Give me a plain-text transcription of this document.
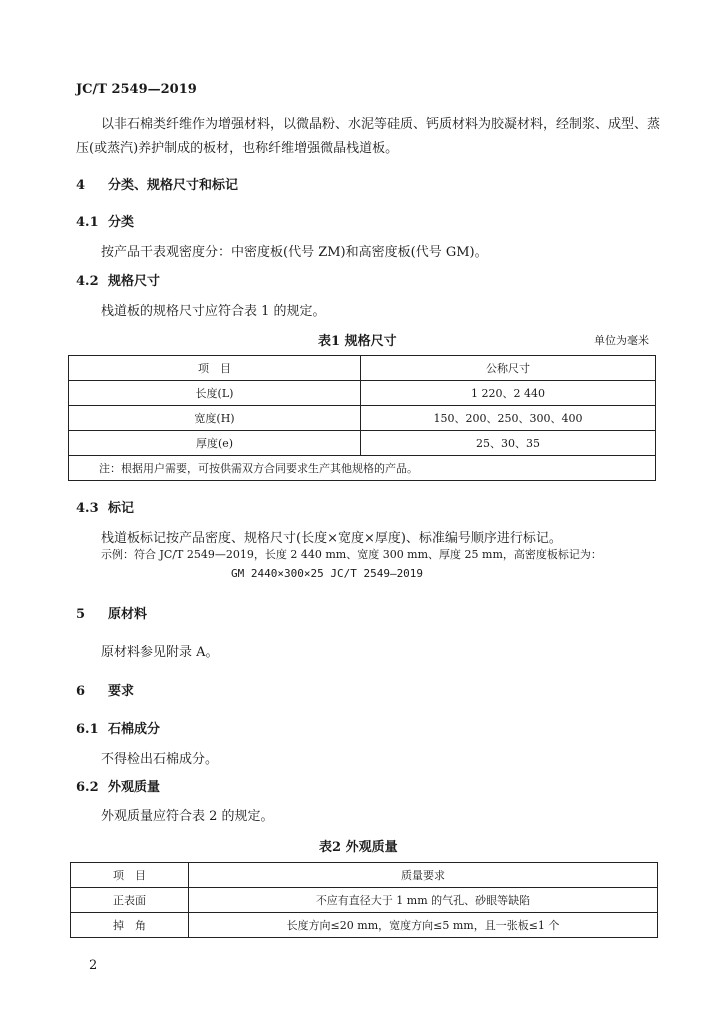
JC/T 2549—2019
以非石棉类纤维作为增强材料，以微晶粉、水泥等硅质、钙质材料为胶凝材料，经制浆、成型、蒸
压(或蒸汽)养护制成的板材，也称纤维增强微晶栈道板。
4 分类、规格尺寸和标记
4.1 分类
按产品干表观密度分：中密度板(代号 ZM)和高密度板(代号 GM)。
4.2 规格尺寸
栈道板的规格尺寸应符合表 1 的规定。
表1 规格尺寸	单位为毫米
项　目	公称尺寸
长度(L)	1 220、2 440
宽度(H)	150、200、250、300、400
厚度(e)	25、30、35
注：根据用户需要，可按供需双方合同要求生产其他规格的产品。	
4.3 标记
栈道板标记按产品密度、规格尺寸(长度×宽度×厚度)、标准编号顺序进行标记。
示例：符合 JC/T 2549—2019，长度 2 440 mm、宽度 300 mm、厚度 25 mm，高密度板标记为：
GM 2440×300×25 JC/T 2549—2019
5 原材料
原材料参见附录 A。
6 要求
6.1 石棉成分
不得检出石棉成分。
6.2 外观质量
外观质量应符合表 2 的规定。
表2 外观质量
项　目	质量要求
正表面	不应有直径大于 1 mm 的气孔、砂眼等缺陷
掉　角	长度方向≤20 mm，宽度方向≤5 mm，且一张板≤1 个
2
